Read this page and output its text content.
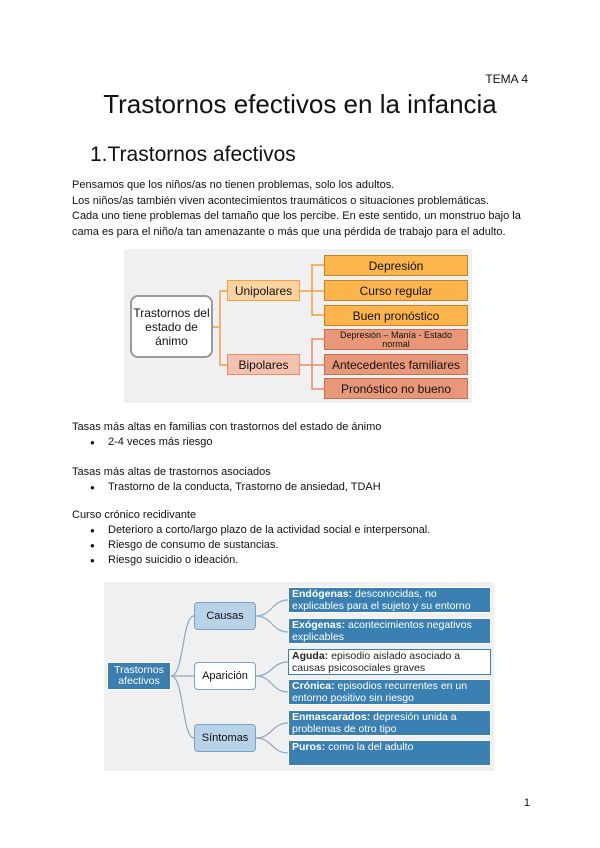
TEMA 4
Trastornos efectivos en la infancia
1.Trastornos afectivos
Pensamos que los niños/as no tienen problemas, solo los adultos.
Los niños/as también viven acontecimientos traumáticos o situaciones problemáticas.
Cada uno tiene problemas del tamaño que los percibe. En este sentido, un monstruo bajo la
cama es para el niño/a tan amenazante o más que una pérdida de trabajo para el adulto.
Trastornos del estado de ánimo
Unipolares
Bipolares
Depresión
Curso regular
Buen pronóstico
Depresión – Manía - Estado normal
Antecedentes familiares
Pronóstico no bueno
Tasas más altas en familias con trastornos del estado de ánimo
● 2-4 veces más riesgo
Tasas más altas de trastornos asociados
● Trastorno de la conducta, Trastorno de ansiedad, TDAH
Curso crónico recidivante
● Deterioro a corto/largo plazo de la actividad social e interpersonal.
● Riesgo de consumo de sustancias.
● Riesgo suicidio o ideación.
Trastornos afectivos
Causas
Aparición
Síntomas
Endógenas: desconocidas, no explicables para el sujeto y su entorno
Exógenas: acontecimientos negativos explicables
Aguda: episodio aislado asociado a causas psicosociales graves
Crónica: episodios recurrentes en un entorno positivo sin riesgo
Enmascarados: depresión unida a problemas de otro tipo
Puros: como la del adulto
1
